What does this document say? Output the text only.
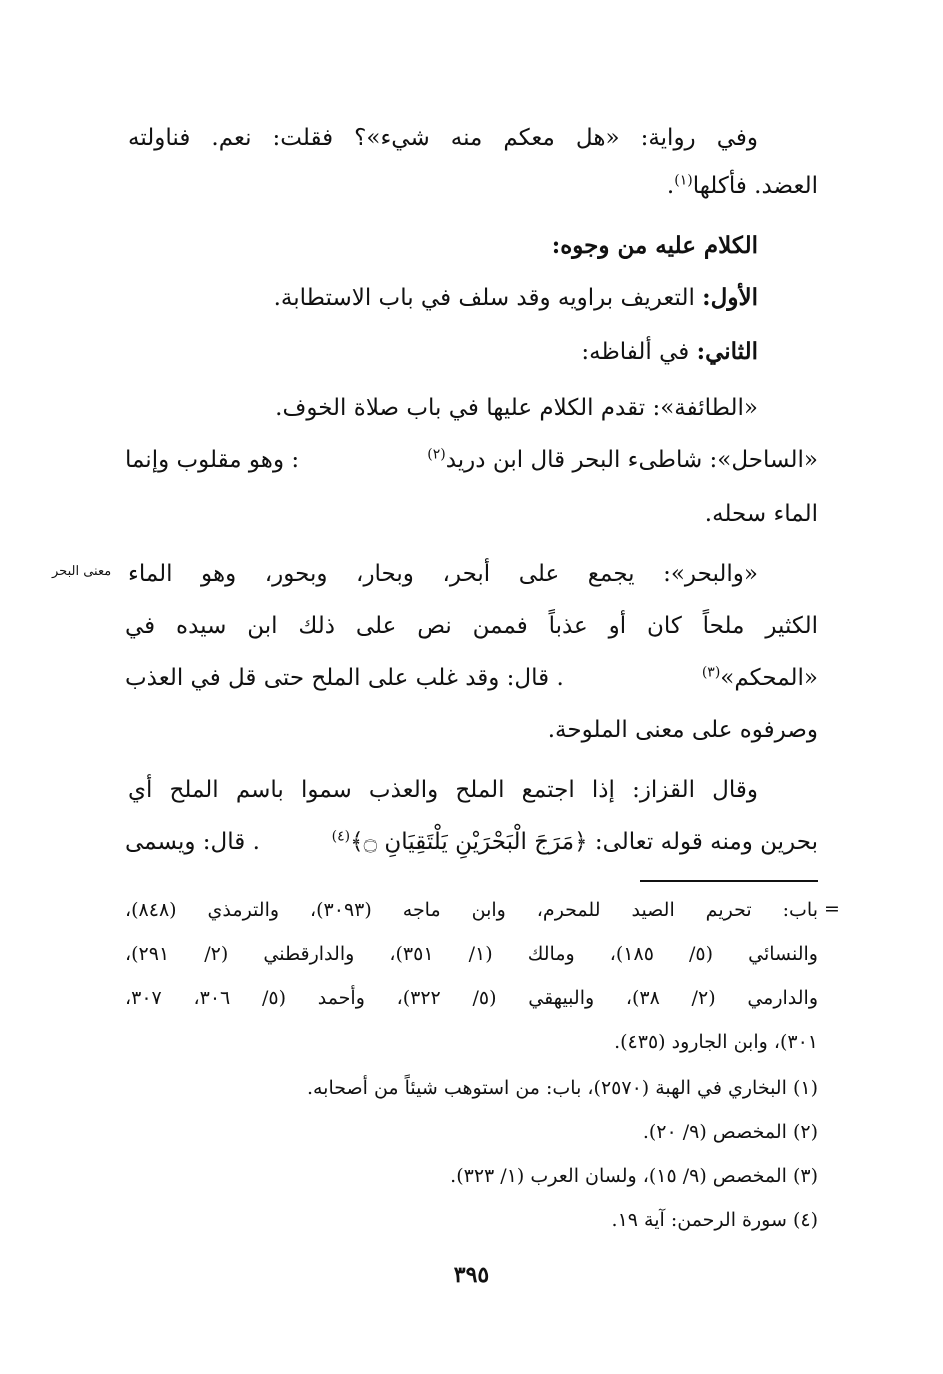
وفي رواية: «هل معكم منه شيء»؟ فقلت: نعم. فناولته
العضد. فأكلها$^{(١)}$.
الكلام عليه من وجوه:
الأول: التعريف براويه وقد سلف في باب الاستطابة.
الثاني: في ألفاظه:
«الطائفة»: تقدم الكلام عليها في باب صلاة الخوف.
«الساحل»: شاطىء البحر قال ابن دريد$^{(٢)}$
: وهو مقلوب وإنما
الماء سحله.
«والبحر»: يجمع على أبحر، وبحار، وبحور، وهو الماء
معنى البحر
الكثير ملحاً كان أو عذباً فممن نص على ذلك ابن سيده في
«المحكم»$^{(٣)}$
. قال: وقد غلب على الملح حتى قل في العذب
وصرفوه على معنى الملوحة.
وقال القزاز: إذا اجتمع الملح والعذب سموا باسم الملح أي
بحرين ومنه قوله تعالى: ﴿مَرَجَ الْبَحْرَيْنِ يَلْتَقِيَانِ ۝﴾$^{(٤)}$
. قال: ويسمى
=
باب: تحريم الصيد للمحرم، وابن ماجه (٣٠٩٣)، والترمذي (٨٤٨)،
والنسائي (٥/ ١٨٥)، ومالك (١/ ٣٥١)، والدارقطني (٢/ ٢٩١)،
والدارمي (٢/ ٣٨)، والبيهقي (٥/ ٣٢٢)، وأحمد (٥/ ٣٠٦، ٣٠٧،
٣٠١)، وابن الجارود (٤٣٥).
(١) البخاري في الهبة (٢٥٧٠)، باب: من استوهب شيئاً من أصحابه.
(٢) المخصص (٩/ ٢٠).
(٣) المخصص (٩/ ١٥)، ولسان العرب (١/ ٣٢٣).
(٤) سورة الرحمن: آية ١٩.
٣٩٥
